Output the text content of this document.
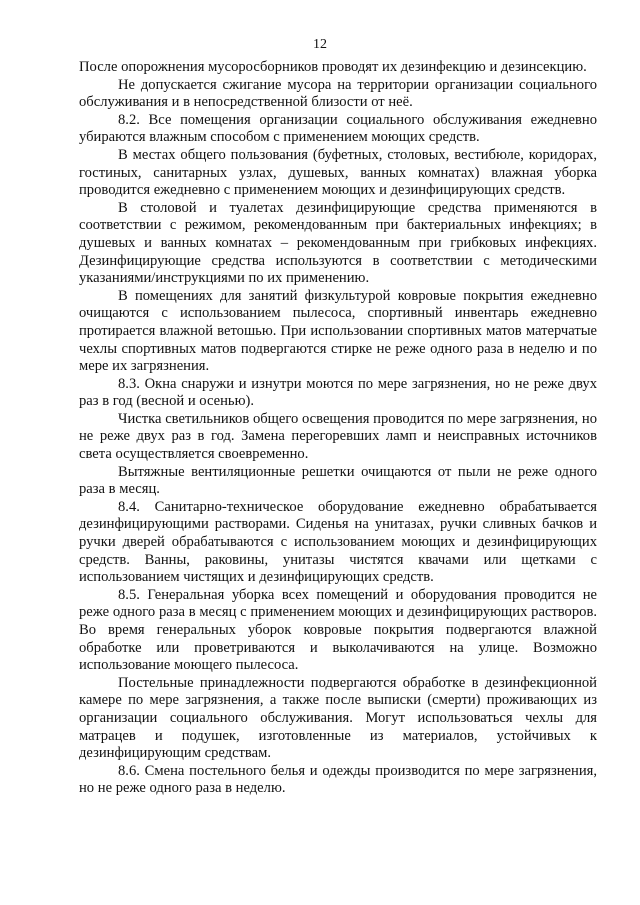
12

После опорожнения мусоросборников проводят их дезинфекцию и дезинсекцию.

Не допускается сжигание мусора на территории организации социального обслуживания и в непосредственной близости от неё.

8.2. Все помещения организации социального обслуживания ежедневно убираются влажным способом с применением моющих средств.

В местах общего пользования (буфетных, столовых, вестибюле, коридорах, гостиных, санитарных узлах, душевых, ванных комнатах) влажная уборка проводится ежедневно с применением моющих и дезинфицирующих средств.

В столовой и туалетах дезинфицирующие средства применяются в соответствии с режимом, рекомендованным при бактериальных инфекциях; в душевых и ванных комнатах – рекомендованным при грибковых инфекциях. Дезинфицирующие средства используются в соответствии с методическими указаниями/инструкциями по их применению.

В помещениях для занятий физкультурой ковровые покрытия ежедневно очищаются с использованием пылесоса, спортивный инвентарь ежедневно протирается влажной ветошью. При использовании спортивных матов матерчатые чехлы спортивных матов подвергаются стирке не реже одного раза в неделю и по мере их загрязнения.

8.3. Окна снаружи и изнутри моются по мере загрязнения, но не реже двух раз в год (весной и осенью).

Чистка светильников общего освещения проводится по мере загрязнения, но не реже двух раз в год. Замена перегоревших ламп и неисправных источников света осуществляется своевременно.

Вытяжные вентиляционные решетки очищаются от пыли не реже одного раза в месяц.

8.4. Санитарно-техническое оборудование ежедневно обрабатывается дезинфицирующими растворами. Сиденья на унитазах, ручки сливных бачков и ручки дверей обрабатываются с использованием моющих и дезинфицирующих средств. Ванны, раковины, унитазы чистятся квачами или щетками с использованием чистящих и дезинфицирующих средств.

8.5. Генеральная уборка всех помещений и оборудования проводится не реже одного раза в месяц с применением моющих и дезинфицирующих растворов. Во время генеральных уборок ковровые покрытия подвергаются влажной обработке или проветриваются и выколачиваются на улице. Возможно использование моющего пылесоса.

Постельные принадлежности подвергаются обработке в дезинфекционной камере по мере загрязнения, а также после выписки (смерти) проживающих из организации социального обслуживания. Могут использоваться чехлы для матрацев и подушек, изготовленные из материалов, устойчивых к дезинфицирующим средствам.

8.6. Смена постельного белья и одежды производится по мере загрязнения, но не реже одного раза в неделю.
